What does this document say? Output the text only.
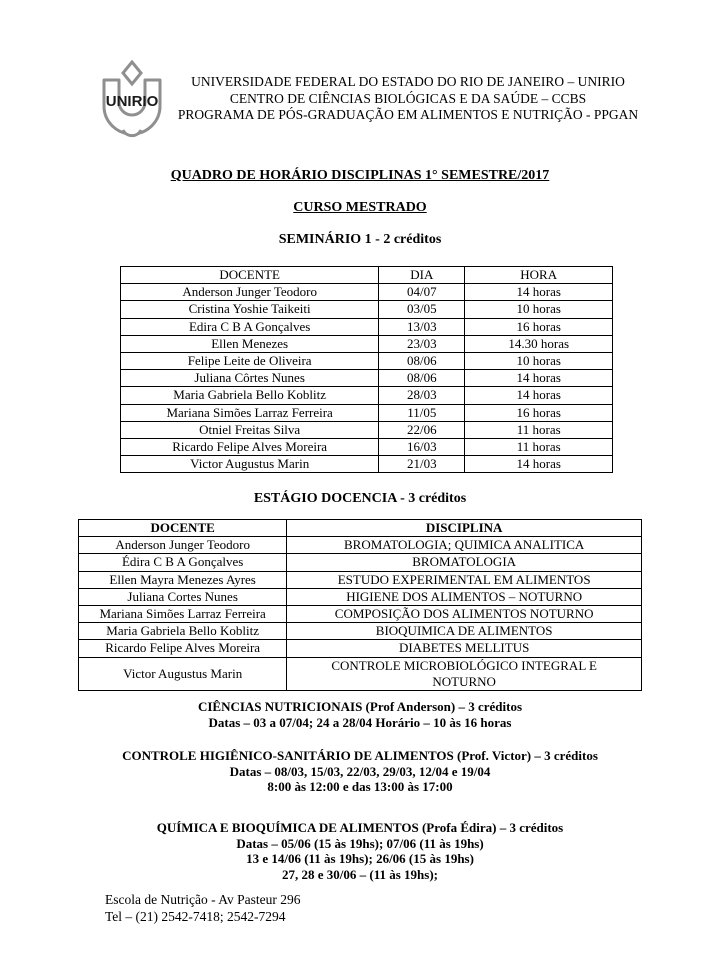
UNIRIO
UNIVERSIDADE FEDERAL DO ESTADO DO RIO DE JANEIRO – UNIRIO
CENTRO DE CIÊNCIAS BIOLÓGICAS E DA SAÚDE – CCBS
PROGRAMA DE PÓS-GRADUAÇÃO EM ALIMENTOS E NUTRIÇÃO - PPGAN
QUADRO DE HORÁRIO DISCIPLINAS 1° SEMESTRE/2017
CURSO MESTRADO
SEMINÁRIO 1 - 2 créditos
DOCENTE	DIA	HORA
Anderson Junger Teodoro	04/07	14 horas
Cristina Yoshie Taikeiti	03/05	10 horas
Edira C B A Gonçalves	13/03	16 horas
Ellen Menezes	23/03	14.30 horas
Felipe Leite de Oliveira	08/06	10 horas
Juliana Côrtes Nunes	08/06	14 horas
Maria Gabriela Bello Koblitz	28/03	14 horas
Mariana Simões Larraz Ferreira	11/05	16 horas
Otniel Freitas Silva	22/06	11 horas
Ricardo Felipe Alves Moreira	16/03	11 horas
Victor Augustus Marin	21/03	14 horas
ESTÁGIO DOCENCIA - 3 créditos
DOCENTE	DISCIPLINA
Anderson Junger Teodoro	BROMATOLOGIA; QUIMICA ANALITICA
Édira C B A Gonçalves	BROMATOLOGIA
Ellen Mayra Menezes Ayres	ESTUDO EXPERIMENTAL EM ALIMENTOS
Juliana Cortes Nunes	HIGIENE DOS ALIMENTOS – NOTURNO
Mariana Simões Larraz Ferreira	COMPOSIÇÃO DOS ALIMENTOS NOTURNO
Maria Gabriela Bello Koblitz	BIOQUIMICA DE ALIMENTOS
Ricardo Felipe Alves Moreira	DIABETES MELLITUS
Victor Augustus Marin	CONTROLE MICROBIOLÓGICO INTEGRAL E NOTURNO
CIÊNCIAS NUTRICIONAIS (Prof Anderson) – 3 créditos
Datas – 03 a 07/04; 24 a 28/04 Horário – 10 às 16 horas
CONTROLE HIGIÊNICO-SANITÁRIO DE ALIMENTOS (Prof. Victor) – 3 créditos
Datas – 08/03, 15/03, 22/03, 29/03, 12/04 e 19/04
8:00 às 12:00 e das 13:00 às 17:00
QUÍMICA E BIOQUÍMICA DE ALIMENTOS (Profa Édira) – 3 créditos
Datas – 05/06 (15 às 19hs); 07/06 (11 às 19hs)
13 e 14/06 (11 às 19hs); 26/06 (15 às 19hs)
27, 28 e 30/06 – (11 às 19hs);
Escola de Nutrição - Av Pasteur 296
Tel – (21) 2542-7418; 2542-7294
